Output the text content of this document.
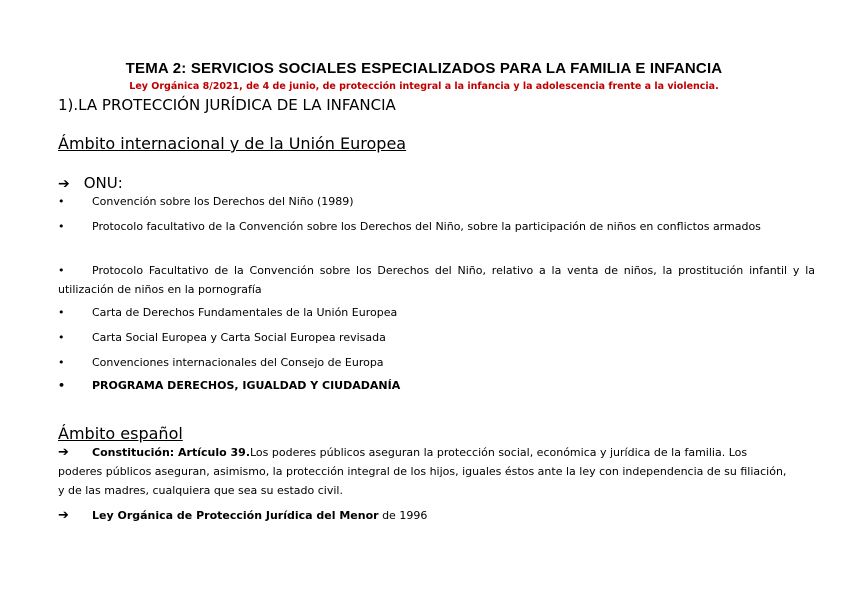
TEMA 2: SERVICIOS SOCIALES ESPECIALIZADOS PARA LA FAMILIA E INFANCIA
Ley Orgánica 8/2021, de 4 de junio, de protección integral a la infancia y la adolescencia frente a la violencia.
1).LA PROTECCIÓN JURÍDICA DE LA INFANCIA
Ámbito internacional y de la Unión Europea
➔ ONU:
•	Convención sobre los Derechos del Niño (1989)
•	Protocolo facultativo de la Convención sobre los Derechos del Niño, sobre la participación de niños en conflictos armados
•	Protocolo Facultativo de la Convención sobre los Derechos del Niño, relativo a la venta de niños, la prostitución infantil y la utilización de niños en la pornografía
•	Carta de Derechos Fundamentales de la Unión Europea
•	Carta Social Europea y Carta Social Europea revisada
•	Convenciones internacionales del Consejo de Europa
• PROGRAMA DERECHOS, IGUALDAD Y CIUDADANÍA
Ámbito español
➔ Constitución: Artículo 39.Los poderes públicos aseguran la protección social, económica y jurídica de la familia. Los poderes públicos aseguran, asimismo, la protección integral de los hijos, iguales éstos ante la ley con independencia de su filiación, y de las madres, cualquiera que sea su estado civil.
➔ Ley Orgánica de Protección Jurídica del Menor de 1996
